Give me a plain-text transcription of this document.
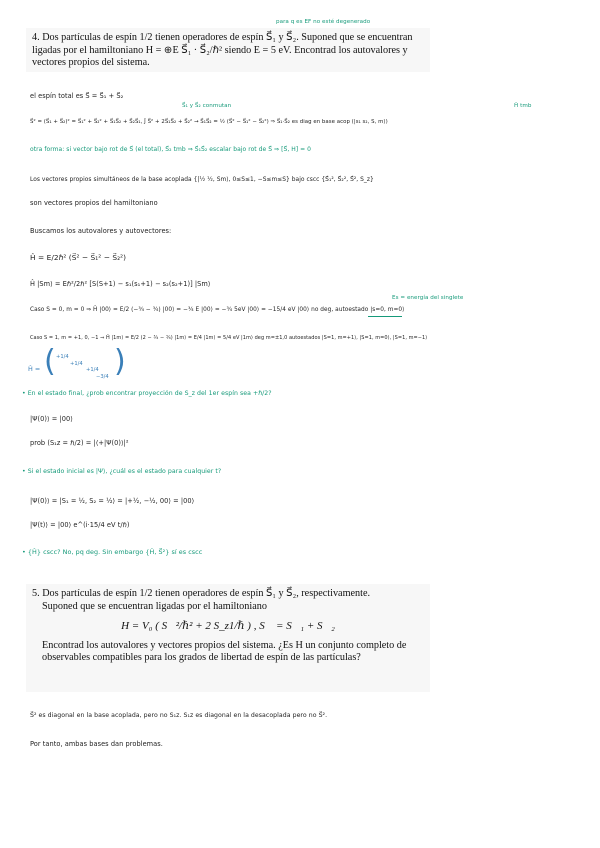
4. Dos partículas de espín 1/2 tienen operadores de espín S⃗₁ y S⃗₂. Suponed que se encuentran ligadas por el hamiltoniano H = ⊕E S⃗₁ · S⃗₂/ℏ² siendo E = 5 eV. Encontrad los autovalores y vectores propios del sistema.
para q es EF no esté degenerado
el espín total es S⃗ = S⃗₁ + S⃗₂
S⃗₁ y S⃗₂ conmutan	Ĥ tmb
S⃗² = (S⃗₁ + S⃗₂)² = S⃗₁² + S⃗₂² + S⃗₁S⃗₂ + S⃗₂S⃗₁, Ĵ S⃗² + 2S⃗₁S⃗₂ + S⃗₂² → S⃗₁S⃗₂ = ½ (S⃗² − S⃗₁² − S⃗₂²) ⇒ S⃗₁·S⃗₂ es diag en base acop (|s₁ s₂, S, m⟩)
otra forma: si vector bajo rot de S⃗ (el total), S⃗₂ tmb ⇒ S⃗₁S⃗₂ escalar bajo rot de S⃗ ⇒ [S⃗, H] = 0
Los vectores propios simultáneos de la base acoplada {|½ ½, Sm⟩, 0≤S≤1, −S≤m≤S} bajo cscc {S⃗₁², S⃗₂², S⃗², S_z}
son vectores propios del hamiltoniano
Buscamos los autovalores y autovectores:
Ĥ = E/2ℏ² (S⃗² − S⃗₁² − S⃗₂²)
Ĥ |Sm⟩ = Eℏ²/2ℏ² [S(S+1) − s₁(s₁+1) − s₂(s₂+1)] |Sm⟩
Es = energía del singlete
Caso S = 0, m = 0 ⇒ Ĥ |00⟩ = E/2 (−¾ − ¾) |00⟩ = −¾ E |00⟩ = −¾ 5eV |00⟩ = −15/4 eV |00⟩ no deg, autoestado |s=0, m=0⟩
Caso S = 1, m = +1, 0, −1 ⇒ Ĥ |1m⟩ = E/2 (2 − ¾ − ¾) |1m⟩ = E/4 |1m⟩ = 5/4 eV |1m⟩ deg m=±1,0 autoestados |S=1, m=+1⟩, |S=1, m=0⟩, |S=1, m=−1⟩
Ĥ = ( +1/4
+1/4
+1/4
−3/4 )
• En el estado final, ¿prob encontrar proyección de S_z del 1er espín sea +ℏ/2?
|Ψ(0)⟩ = |00⟩
prob (S₁z = ℏ/2) = |⟨+|Ψ(0)⟩|²
• Si el estado inicial es |Ψ⟩, ¿cuál es el estado para cualquier t?
|Ψ(0)⟩ = |S₁ = ½, S₂ = ½⟩ = |+½, −½, 00⟩ = |00⟩
|Ψ(t)⟩ = |00⟩ e^(i·15/4 eV t/ℏ)
• {Ĥ} cscc? No, pq deg. Sin embargo {Ĥ, S⃗²} sí es cscc
5. Dos partículas de espín 1/2 tienen operadores de espín S⃗₁ y S⃗₂, respectivamente.
Suponed que se encuentran ligadas por el hamiltoniano
H = V₀ ( S⃗²/ℏ² + 2 S_z1/ℏ ) , S⃗ = S⃗₁ + S⃗₂
Encontrad los autovalores y vectores propios del sistema. ¿Es H un conjunto completo de observables compatibles para los grados de libertad de espín de las partículas?
S⃗² es diagonal en la base acoplada, pero no S₁z. S₁z es diagonal en la desacoplada pero no S⃗².
Por tanto, ambas bases dan problemas.
